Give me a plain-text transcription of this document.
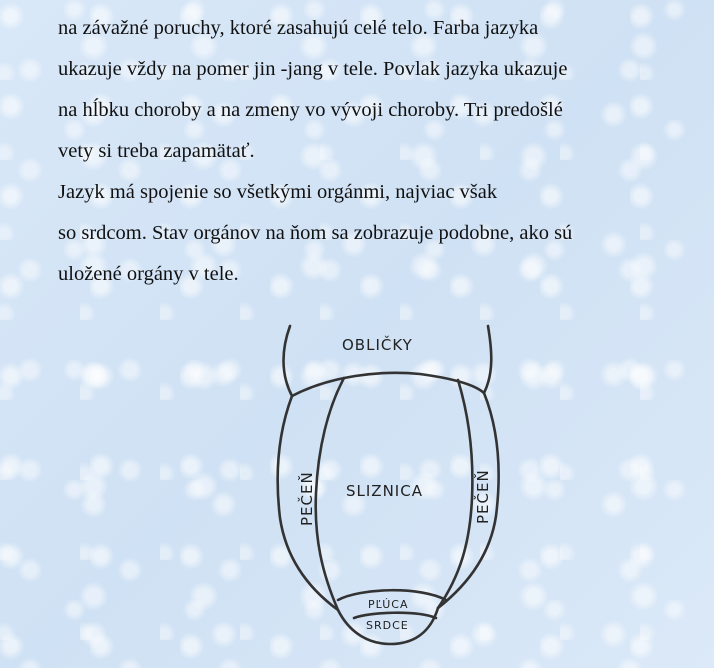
na závažné poruchy, ktoré zasahujú celé telo. Farba jazyka
ukazuje vždy na pomer jin -jang v tele. Povlak jazyka ukazuje
na hĺbku choroby a na zmeny vo vývoji choroby. Tri predošlé
vety si treba zapamätať.
Jazyk má spojenie so všetkými orgánmi, najviac však
so srdcom. Stav orgánov na ňom sa zobrazuje podobne, ako sú
uložené orgány v tele.
OBLIČKY
SLIZNICA
PEČEŇ	PEČEŇ
PĽÚCA
SRDCE
